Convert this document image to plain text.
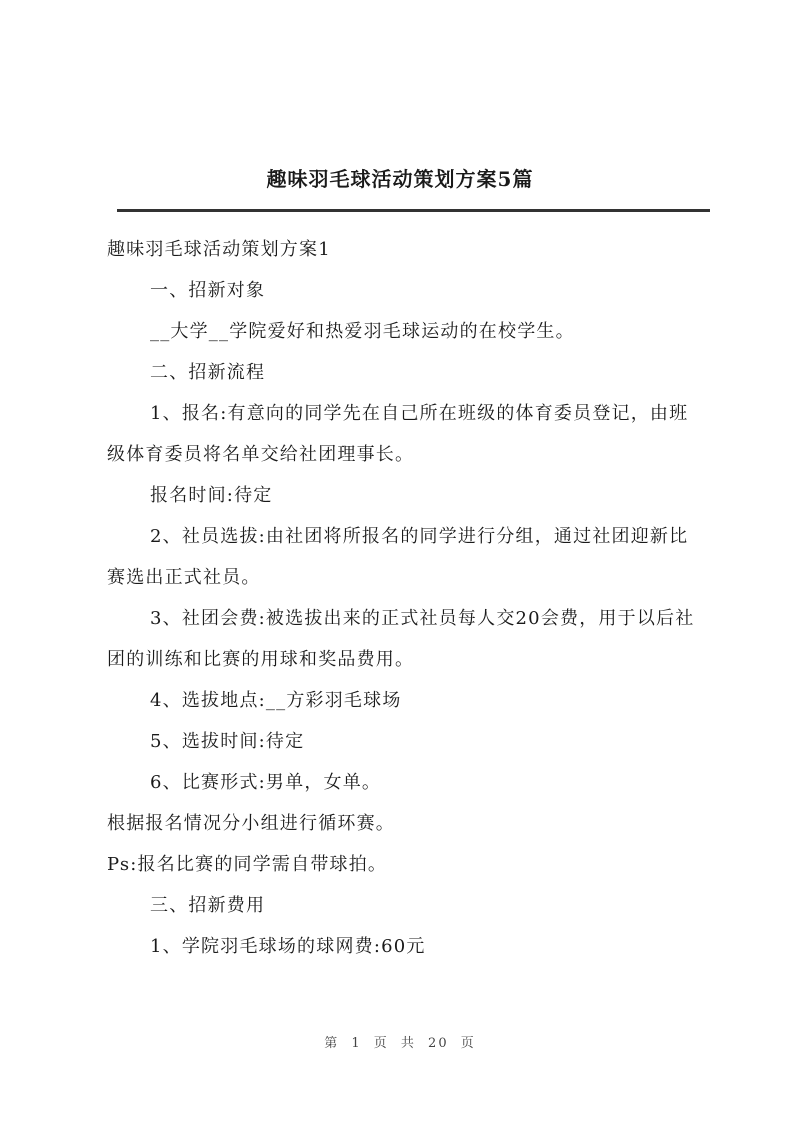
趣味羽毛球活动策划方案5篇

趣味羽毛球活动策划方案1

一、招新对象

__大学__学院爱好和热爱羽毛球运动的在校学生。

二、招新流程

1、报名:有意向的同学先在自己所在班级的体育委员登记，由班级体育委员将名单交给社团理事长。

报名时间:待定

2、社员选拔:由社团将所报名的同学进行分组，通过社团迎新比赛选出正式社员。

3、社团会费:被选拔出来的正式社员每人交20会费，用于以后社团的训练和比赛的用球和奖品费用。

4、选拔地点:__方彩羽毛球场

5、选拔时间:待定

6、比赛形式:男单，女单。

根据报名情况分小组进行循环赛。

Ps:报名比赛的同学需自带球拍。

三、招新费用

1、学院羽毛球场的球网费:60元

第 1 页 共 20 页
